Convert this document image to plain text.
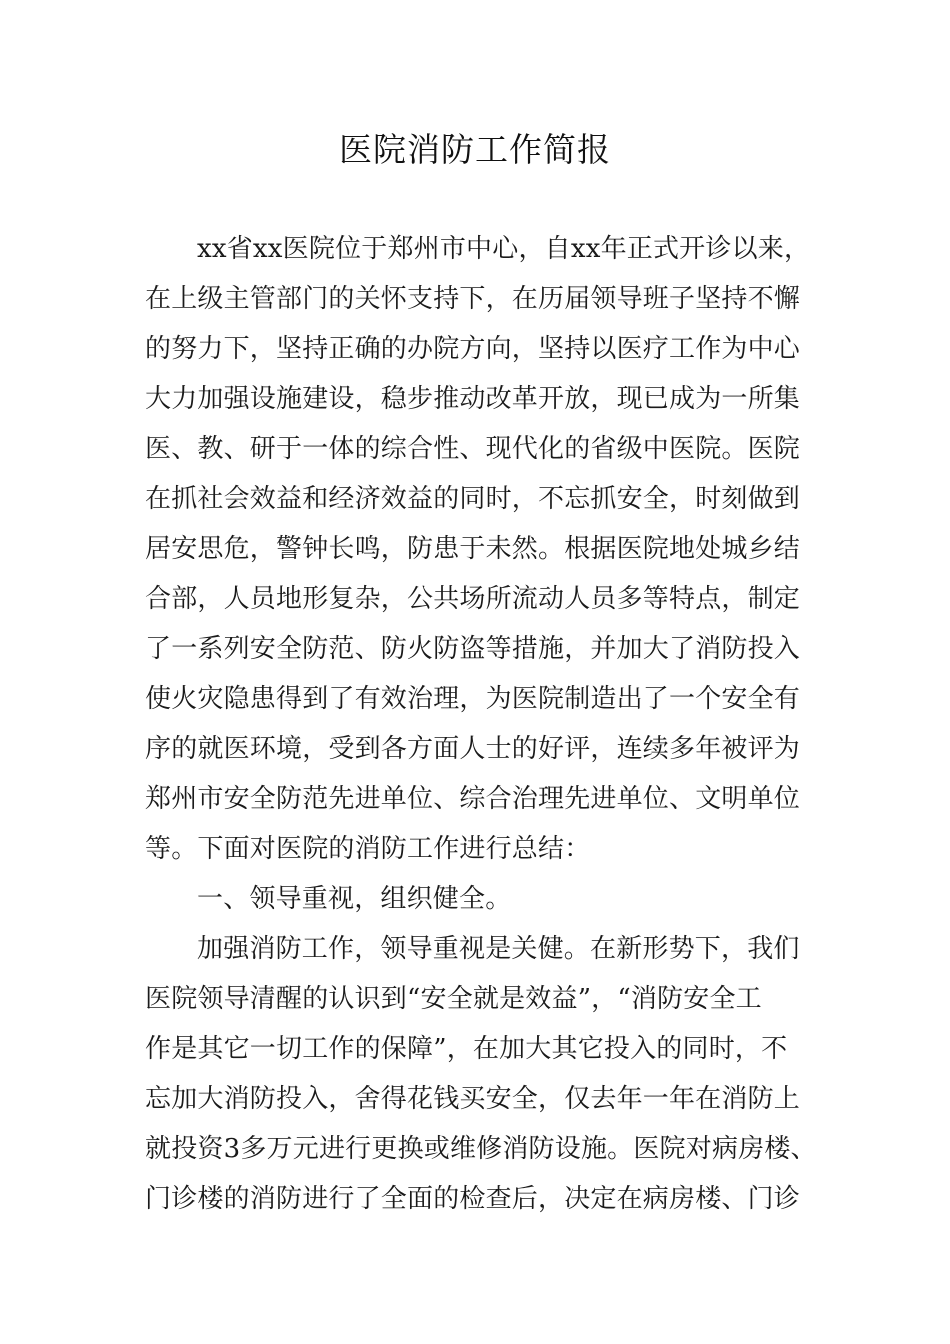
医院消防工作简报
xx省xx医院位于郑州市中心，自xx年正式开诊以来，
在上级主管部门的关怀支持下，在历届领导班子坚持不懈
的努力下，坚持正确的办院方向，坚持以医疗工作为中心
大力加强设施建设，稳步推动改革开放，现已成为一所集
医、教、研于一体的综合性、现代化的省级中医院。医院
在抓社会效益和经济效益的同时，不忘抓安全，时刻做到
居安思危，警钟长鸣，防患于未然。根据医院地处城乡结
合部，人员地形复杂，公共场所流动人员多等特点，制定
了一系列安全防范、防火防盗等措施，并加大了消防投入
使火灾隐患得到了有效治理，为医院制造出了一个安全有
序的就医环境，受到各方面人士的好评，连续多年被评为
郑州市安全防范先进单位、综合治理先进单位、文明单位
等。下面对医院的消防工作进行总结：
一、领导重视，组织健全。
加强消防工作，领导重视是关健。在新形势下，我们
医院领导清醒的认识到“安全就是效益”，“消防安全工
作是其它一切工作的保障”，在加大其它投入的同时，不
忘加大消防投入，舍得花钱买安全，仅去年一年在消防上
就投资3多万元进行更换或维修消防设施。医院对病房楼、
门诊楼的消防进行了全面的检查后，决定在病房楼、门诊
